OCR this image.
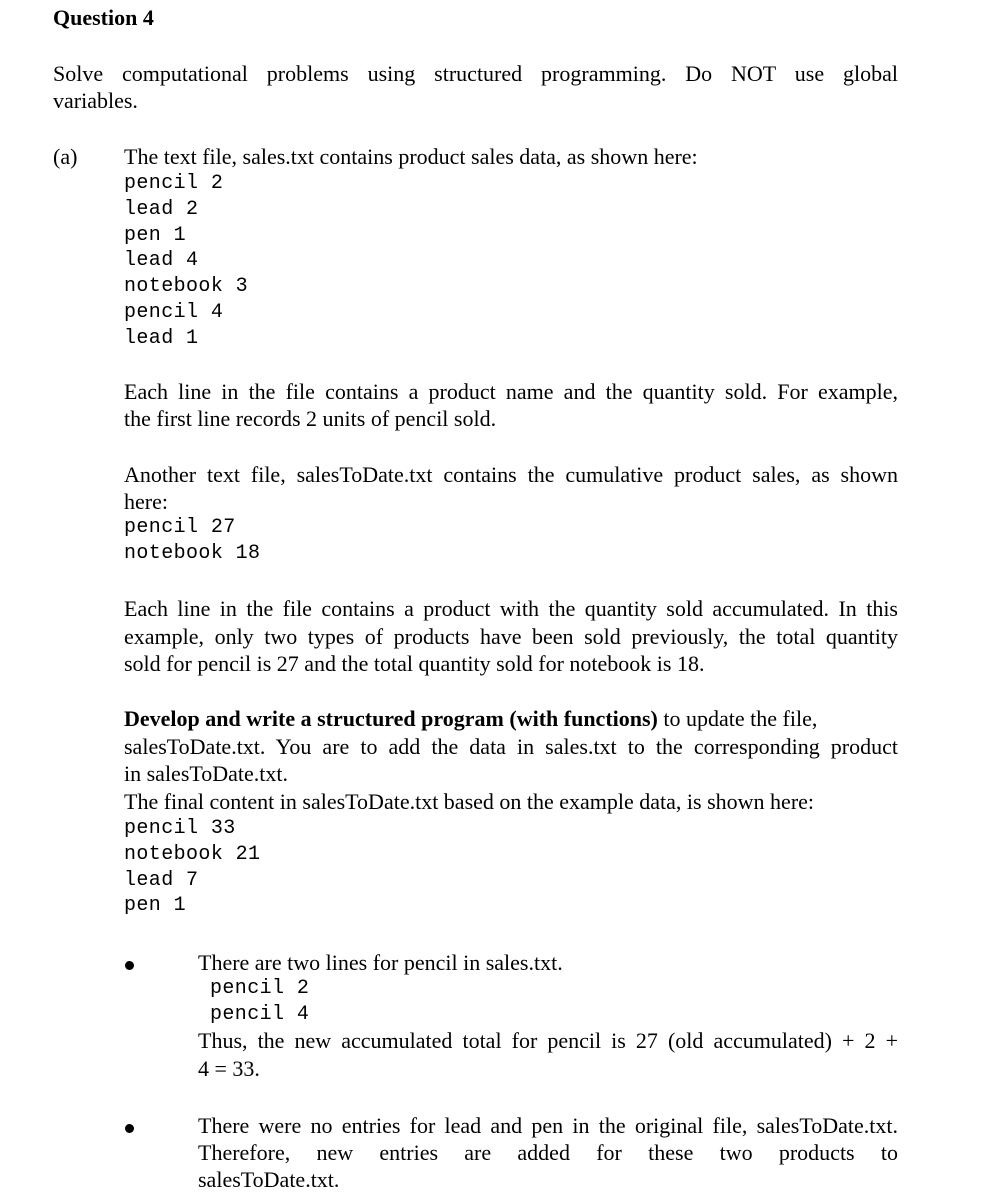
Question 4
Solve computational problems using structured programming. Do NOT use global
variables.
(a) The text file, sales.txt contains product sales data, as shown here:
pencil 2
lead 2
pen 1
lead 4
notebook 3
pencil 4
lead 1
Each line in the file contains a product name and the quantity sold. For example,
the first line records 2 units of pencil sold.
Another text file, salesToDate.txt contains the cumulative product sales, as shown
here:
pencil 27
notebook 18
Each line in the file contains a product with the quantity sold accumulated. In this
example, only two types of products have been sold previously, the total quantity
sold for pencil is 27 and the total quantity sold for notebook is 18.
Develop and write a structured program (with functions) to update the file,
salesToDate.txt. You are to add the data in sales.txt to the corresponding product
in salesToDate.txt.
The final content in salesToDate.txt based on the example data, is shown here:
pencil 33
notebook 21
lead 7
pen 1
There are two lines for pencil in sales.txt.
pencil 2
pencil 4
Thus, the new accumulated total for pencil is 27 (old accumulated) + 2 +
4 = 33.
There were no entries for lead and pen in the original file, salesToDate.txt.
Therefore, new entries are added for these two products to
salesToDate.txt.
